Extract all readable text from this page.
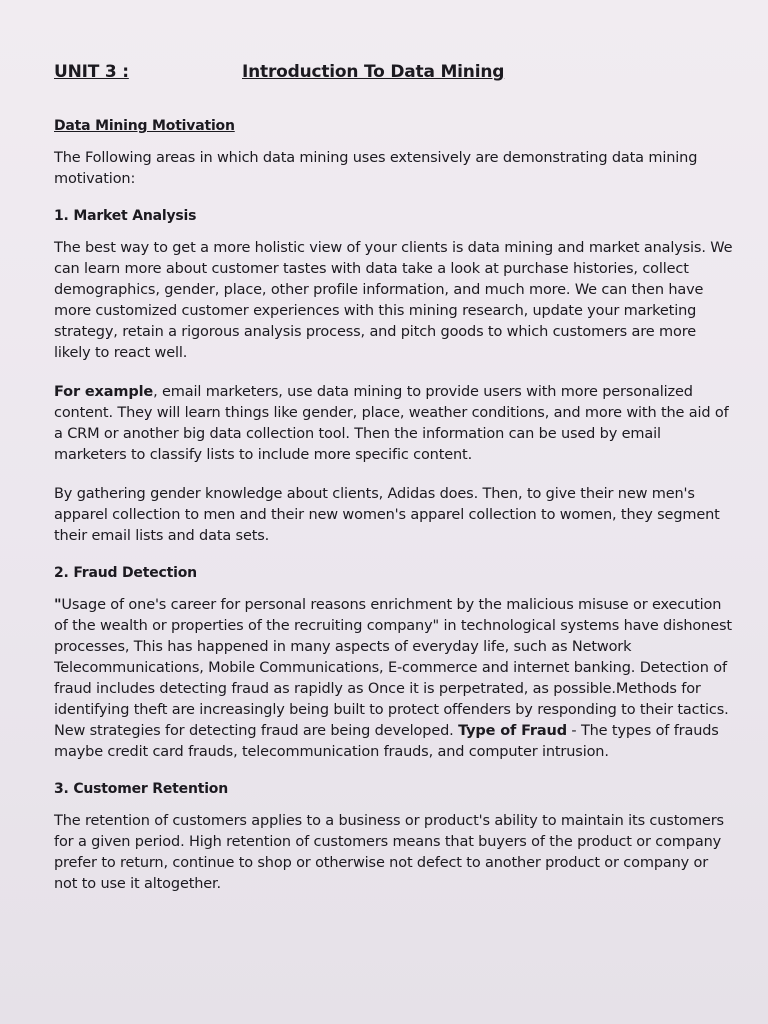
UNIT 3 :	Introduction To Data Mining
Data Mining Motivation

The Following areas in which data mining uses extensively are demonstrating data mining motivation:

1. Market Analysis

The best way to get a more holistic view of your clients is data mining and market analysis. We can learn more about customer tastes with data take a look at purchase histories, collect demographics, gender, place, other profile information, and much more. We can then have more customized customer experiences with this mining research, update your marketing strategy, retain a rigorous analysis process, and pitch goods to which customers are more likely to react well.

For example, email marketers, use data mining to provide users with more personalized content. They will learn things like gender, place, weather conditions, and more with the aid of a CRM or another big data collection tool. Then the information can be used by email marketers to classify lists to include more specific content.

By gathering gender knowledge about clients, Adidas does. Then, to give their new men's apparel collection to men and their new women's apparel collection to women, they segment their email lists and data sets.

2. Fraud Detection

"Usage of one's career for personal reasons enrichment by the malicious misuse or execution of the wealth or properties of the recruiting company" in technological systems have dishonest processes, This has happened in many aspects of everyday life, such as Network Telecommunications, Mobile Communications, E-commerce and internet banking. Detection of fraud includes detecting fraud as rapidly as Once it is perpetrated, as possible.Methods for identifying theft are increasingly being built to protect offenders by responding to their tactics. New strategies for detecting fraud are being developed. Type of Fraud - The types of frauds maybe credit card frauds, telecommunication frauds, and computer intrusion.

3. Customer Retention

The retention of customers applies to a business or product's ability to maintain its customers for a given period. High retention of customers means that buyers of the product or company prefer to return, continue to shop or otherwise not defect to another product or company or not to use it altogether.
